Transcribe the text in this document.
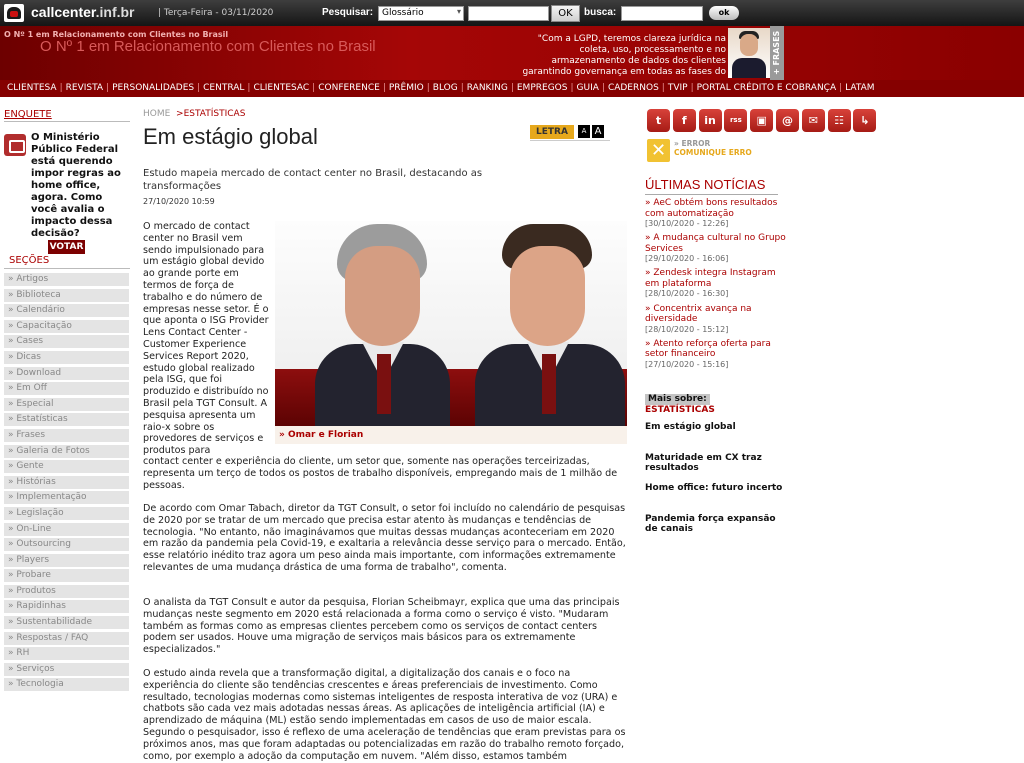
callcenter.inf.br	| Terça-Feira - 03/11/2020	Pesquisar: Glossário	▾	OK	busca:	ok
O Nº 1 em Relacionamento com Clientes no Brasil
O Nº 1 em Relacionamento com Clientes no Brasil	"Com a LGPD, teremos clareza jurídica na coleta, uso, processamento e no armazenamento de dados dos clientes garantindo governança em todas as fases do	+ FRASES
CLIENTESA | REVISTA | PERSONALIDADES | CENTRAL | CLIENTESAC | CONFERENCE | PRÊMIO | BLOG | RANKING | EMPREGOS | GUIA | CADERNOS | TVIP | PORTAL CRÉDITO E COBRANÇA | LATAM
ENQUETE
O Ministério Público Federal está querendo impor regras ao home office, agora. Como você avalia o impacto dessa decisão?
VOTAR
SEÇÕES
» Artigos
» Biblioteca
» Calendário
» Capacitação
» Cases
» Dicas
» Download
» Em Off
» Especial
» Estatísticas
» Frases
» Galeria de Fotos
» Gente
» Histórias
» Implementação
» Legislação
» On-Line
» Outsourcing
» Players
» Probare
» Produtos
» Rapidinhas
» Sustentabilidade
» Respostas / FAQ
» RH
» Serviços
» Tecnologia
HOME >ESTATÍSTICAS
Em estágio global	LETRA	A A
Estudo mapeia mercado de contact center no Brasil, destacando as transformações
27/10/2020 10:59
» Omar e Florian
O mercado de contact center no Brasil vem sendo impulsionado para um estágio global devido ao grande porte em termos de força de trabalho e do número de empresas nesse setor. É o que aponta o ISG Provider Lens Contact Center - Customer Experience Services Report 2020, estudo global realizado pela ISG, que foi produzido e distribuído no Brasil pela TGT Consult. A pesquisa apresenta um raio-x sobre os provedores de serviços e produtos para
contact center e experiência do cliente, um setor que, somente nas operações terceirizadas, representa um terço de todos os postos de trabalho disponíveis, empregando mais de 1 milhão de pessoas.
De acordo com Omar Tabach, diretor da TGT Consult, o setor foi incluído no calendário de pesquisas de 2020 por se tratar de um mercado que precisa estar atento às mudanças e tendências de tecnologia. "No entanto, não imaginávamos que muitas dessas mudanças aconteceriam em 2020 em razão da pandemia pela Covid-19, e exaltaria a relevância desse serviço para o mercado. Então, esse relatório inédito traz agora um peso ainda mais importante, com informações extremamente relevantes de uma mudança drástica de uma forma de trabalho", comenta.
O analista da TGT Consult e autor da pesquisa, Florian Scheibmayr, explica que uma das principais mudanças neste segmento em 2020 está relacionada a forma como o serviço é visto. "Mudaram também as formas como as empresas clientes percebem como os serviços de contact centers podem ser usados. Houve uma migração de serviços mais básicos para os extremamente especializados."
O estudo ainda revela que a transformação digital, a digitalização dos canais e o foco na experiência do cliente são tendências crescentes e áreas preferenciais de investimento. Como resultado, tecnologias modernas como sistemas inteligentes de resposta interativa de voz (URA) e chatbots são cada vez mais adotadas nessas áreas. As aplicações de inteligência artificial (IA) e aprendizado de máquina (ML) estão sendo implementadas em casos de uso de maior escala. Segundo o pesquisador, isso é reflexo de uma aceleração de tendências que eram previstas para os próximos anos, mas que foram adaptadas ou potencializadas em razão do trabalho remoto forçado, como, por exemplo a adoção da computação em nuvem. "Além disso, estamos também
t	f	in	rss	▣	@	✉	☷	↳
✕	» ERROR
COMUNIQUE ERRO
ÚLTIMAS NOTÍCIAS
» AeC obtém bons resultados com automatização
[30/10/2020 - 12:26]
» A mudança cultural no Grupo Services
[29/10/2020 - 16:06]
» Zendesk integra Instagram em plataforma
[28/10/2020 - 16:30]
» Concentrix avança na diversidade
[28/10/2020 - 15:12]
» Atento reforça oferta para setor financeiro
[27/10/2020 - 15:16]
Mais sobre:
ESTATÍSTICAS
Em estágio global
Maturidade em CX traz resultados
Home office: futuro incerto
Pandemia força expansão de canais
